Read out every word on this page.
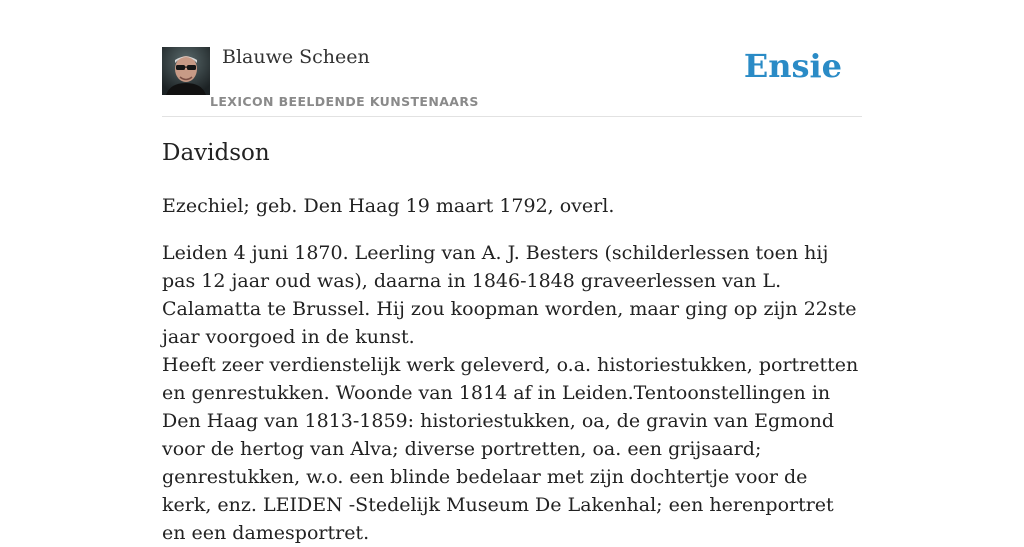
Blauwe Scheen
LEXICON BEELDENDE KUNSTENAARS
Ensie
Davidson

Ezechiel; geb. Den Haag 19 maart 1792, overl.

Leiden 4 juni 1870. Leerling van A. J. Besters (schilderlessen toen hij pas 12 jaar oud was), daarna in 1846-1848 graveerlessen van L. Calamatta te Brussel. Hij zou koopman worden, maar ging op zijn 22ste jaar voorgoed in de kunst.

Heeft zeer verdienstelijk werk geleverd, o.a. historiestukken, portretten en genrestukken. Woonde van 1814 af in Leiden.Tentoonstellingen in Den Haag van 1813-1859: historiestukken, oa, de gravin van Egmond voor de hertog van Alva; diverse portretten, oa. een grijsaard; genrestukken, w.o. een blinde bedelaar met zijn dochtertje voor de kerk, enz. LEIDEN -Stedelijk Museum De Lakenhal; een herenportret en een damesportret.
